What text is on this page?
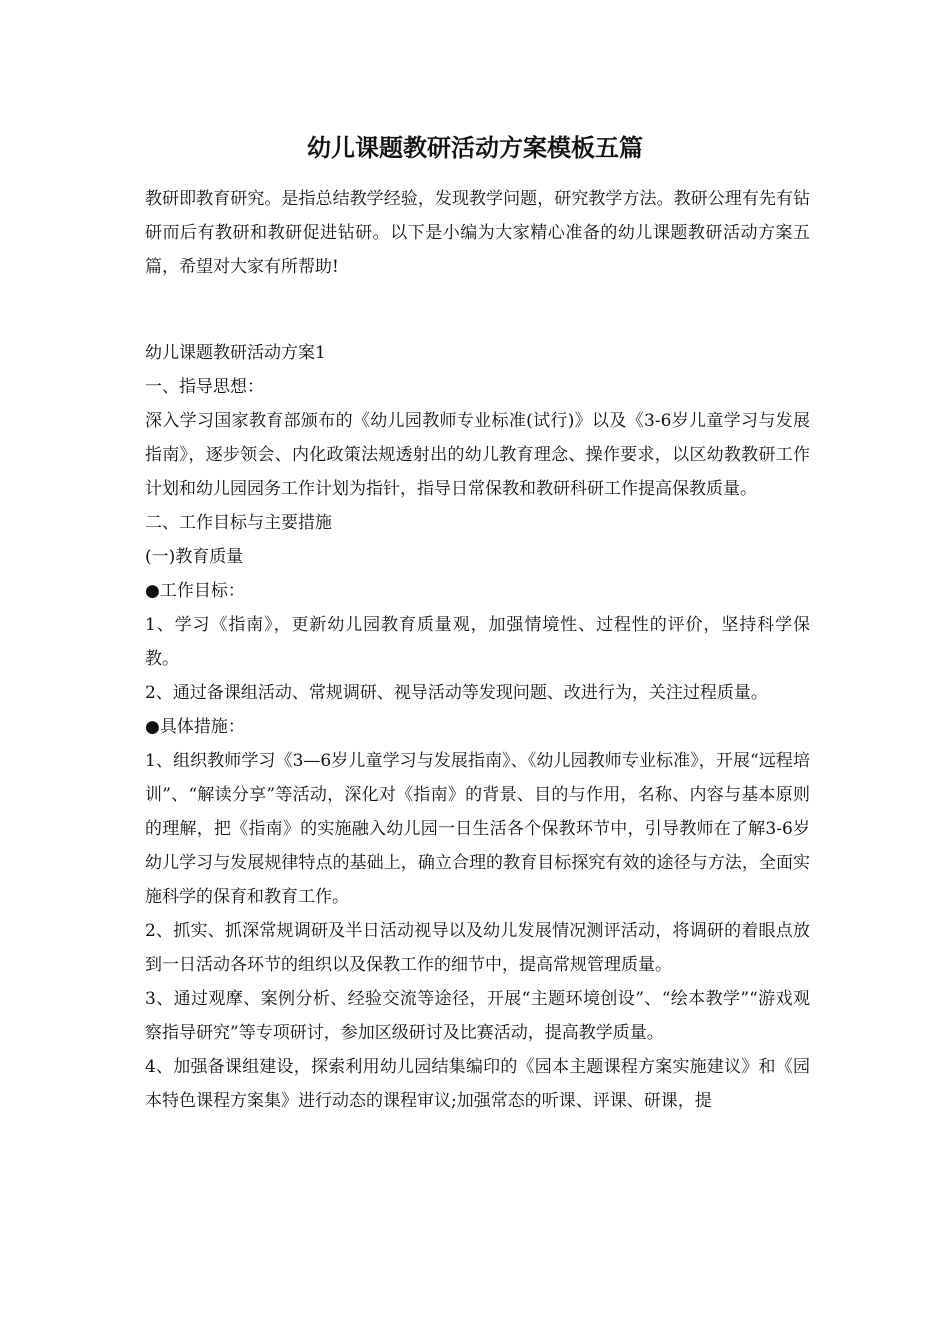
幼儿课题教研活动方案模板五篇

教研即教育研究。是指总结教学经验，发现教学问题，研究教学方法。教研公理有先有钻研而后有教研和教研促进钻研。以下是小编为大家精心准备的幼儿课题教研活动方案五篇，希望对大家有所帮助!

幼儿课题教研活动方案1

一、指导思想：

深入学习国家教育部颁布的《幼儿园教师专业标准(试行)》以及《3-6岁儿童学习与发展指南》，逐步领会、内化政策法规透射出的幼儿教育理念、操作要求，以区幼教教研工作计划和幼儿园园务工作计划为指针，指导日常保教和教研科研工作提高保教质量。

二、工作目标与主要措施

(一)教育质量

●工作目标：

1、学习《指南》，更新幼儿园教育质量观，加强情境性、过程性的评价，坚持科学保教。

2、通过备课组活动、常规调研、视导活动等发现问题、改进行为，关注过程质量。

●具体措施：

1、组织教师学习《3—6岁儿童学习与发展指南》、《幼儿园教师专业标准》，开展“远程培训”、“解读分享”等活动，深化对《指南》的背景、目的与作用，名称、内容与基本原则的理解，把《指南》的实施融入幼儿园一日生活各个保教环节中，引导教师在了解3-6岁幼儿学习与发展规律特点的基础上，确立合理的教育目标探究有效的途径与方法，全面实施科学的保育和教育工作。

2、抓实、抓深常规调研及半日活动视导以及幼儿发展情况测评活动，将调研的着眼点放到一日活动各环节的组织以及保教工作的细节中，提高常规管理质量。

3、通过观摩、案例分析、经验交流等途径，开展“主题环境创设”、“绘本教学”“游戏观察指导研究”等专项研讨，参加区级研讨及比赛活动，提高教学质量。

4、加强备课组建设，探索利用幼儿园结集编印的《园本主题课程方案实施建议》和《园本特色课程方案集》进行动态的课程审议;加强常态的听课、评课、研课，提
